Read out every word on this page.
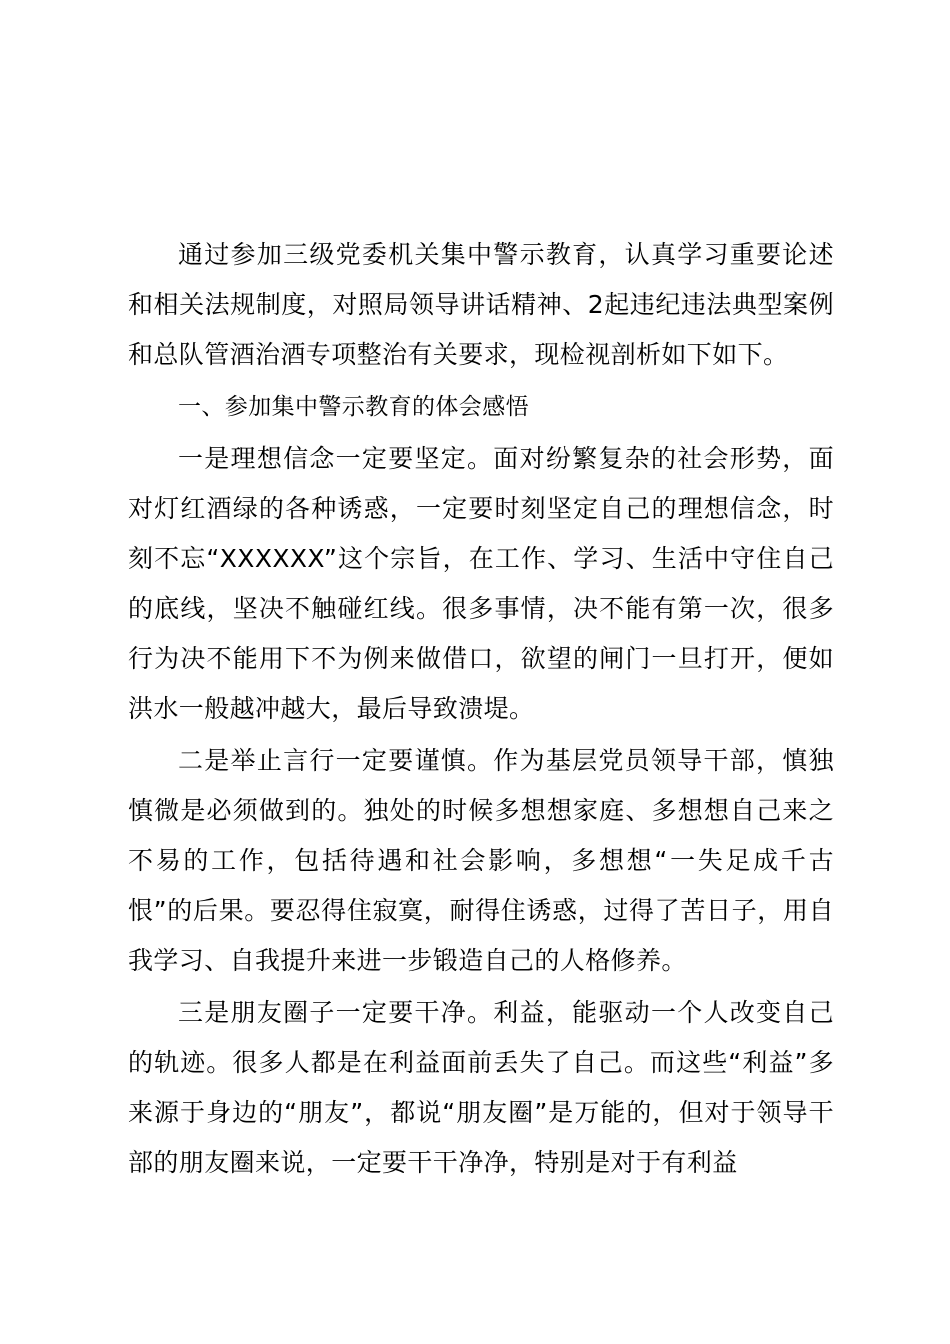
通过参加三级党委机关集中警示教育，认真学习重要论述和相关法规制度，对照局领导讲话精神、2起违纪违法典型案例和总队管酒治酒专项整治有关要求，现检视剖析如下如下。

一、参加集中警示教育的体会感悟

一是理想信念一定要坚定。面对纷繁复杂的社会形势，面对灯红酒绿的各种诱惑，一定要时刻坚定自己的理想信念，时刻不忘“XXXXXX”这个宗旨，在工作、学习、生活中守住自己的底线，坚决不触碰红线。很多事情，决不能有第一次，很多行为决不能用下不为例来做借口，欲望的闸门一旦打开，便如洪水一般越冲越大，最后导致溃堤。

二是举止言行一定要谨慎。作为基层党员领导干部，慎独慎微是必须做到的。独处的时候多想想家庭、多想想自己来之不易的工作，包括待遇和社会影响，多想想“一失足成千古恨”的后果。要忍得住寂寞，耐得住诱惑，过得了苦日子，用自我学习、自我提升来进一步锻造自己的人格修养。

三是朋友圈子一定要干净。利益，能驱动一个人改变自己的轨迹。很多人都是在利益面前丢失了自己。而这些“利益”多来源于身边的“朋友”，都说“朋友圈”是万能的，但对于领导干部的朋友圈来说，一定要干干净净，特别是对于有利益
